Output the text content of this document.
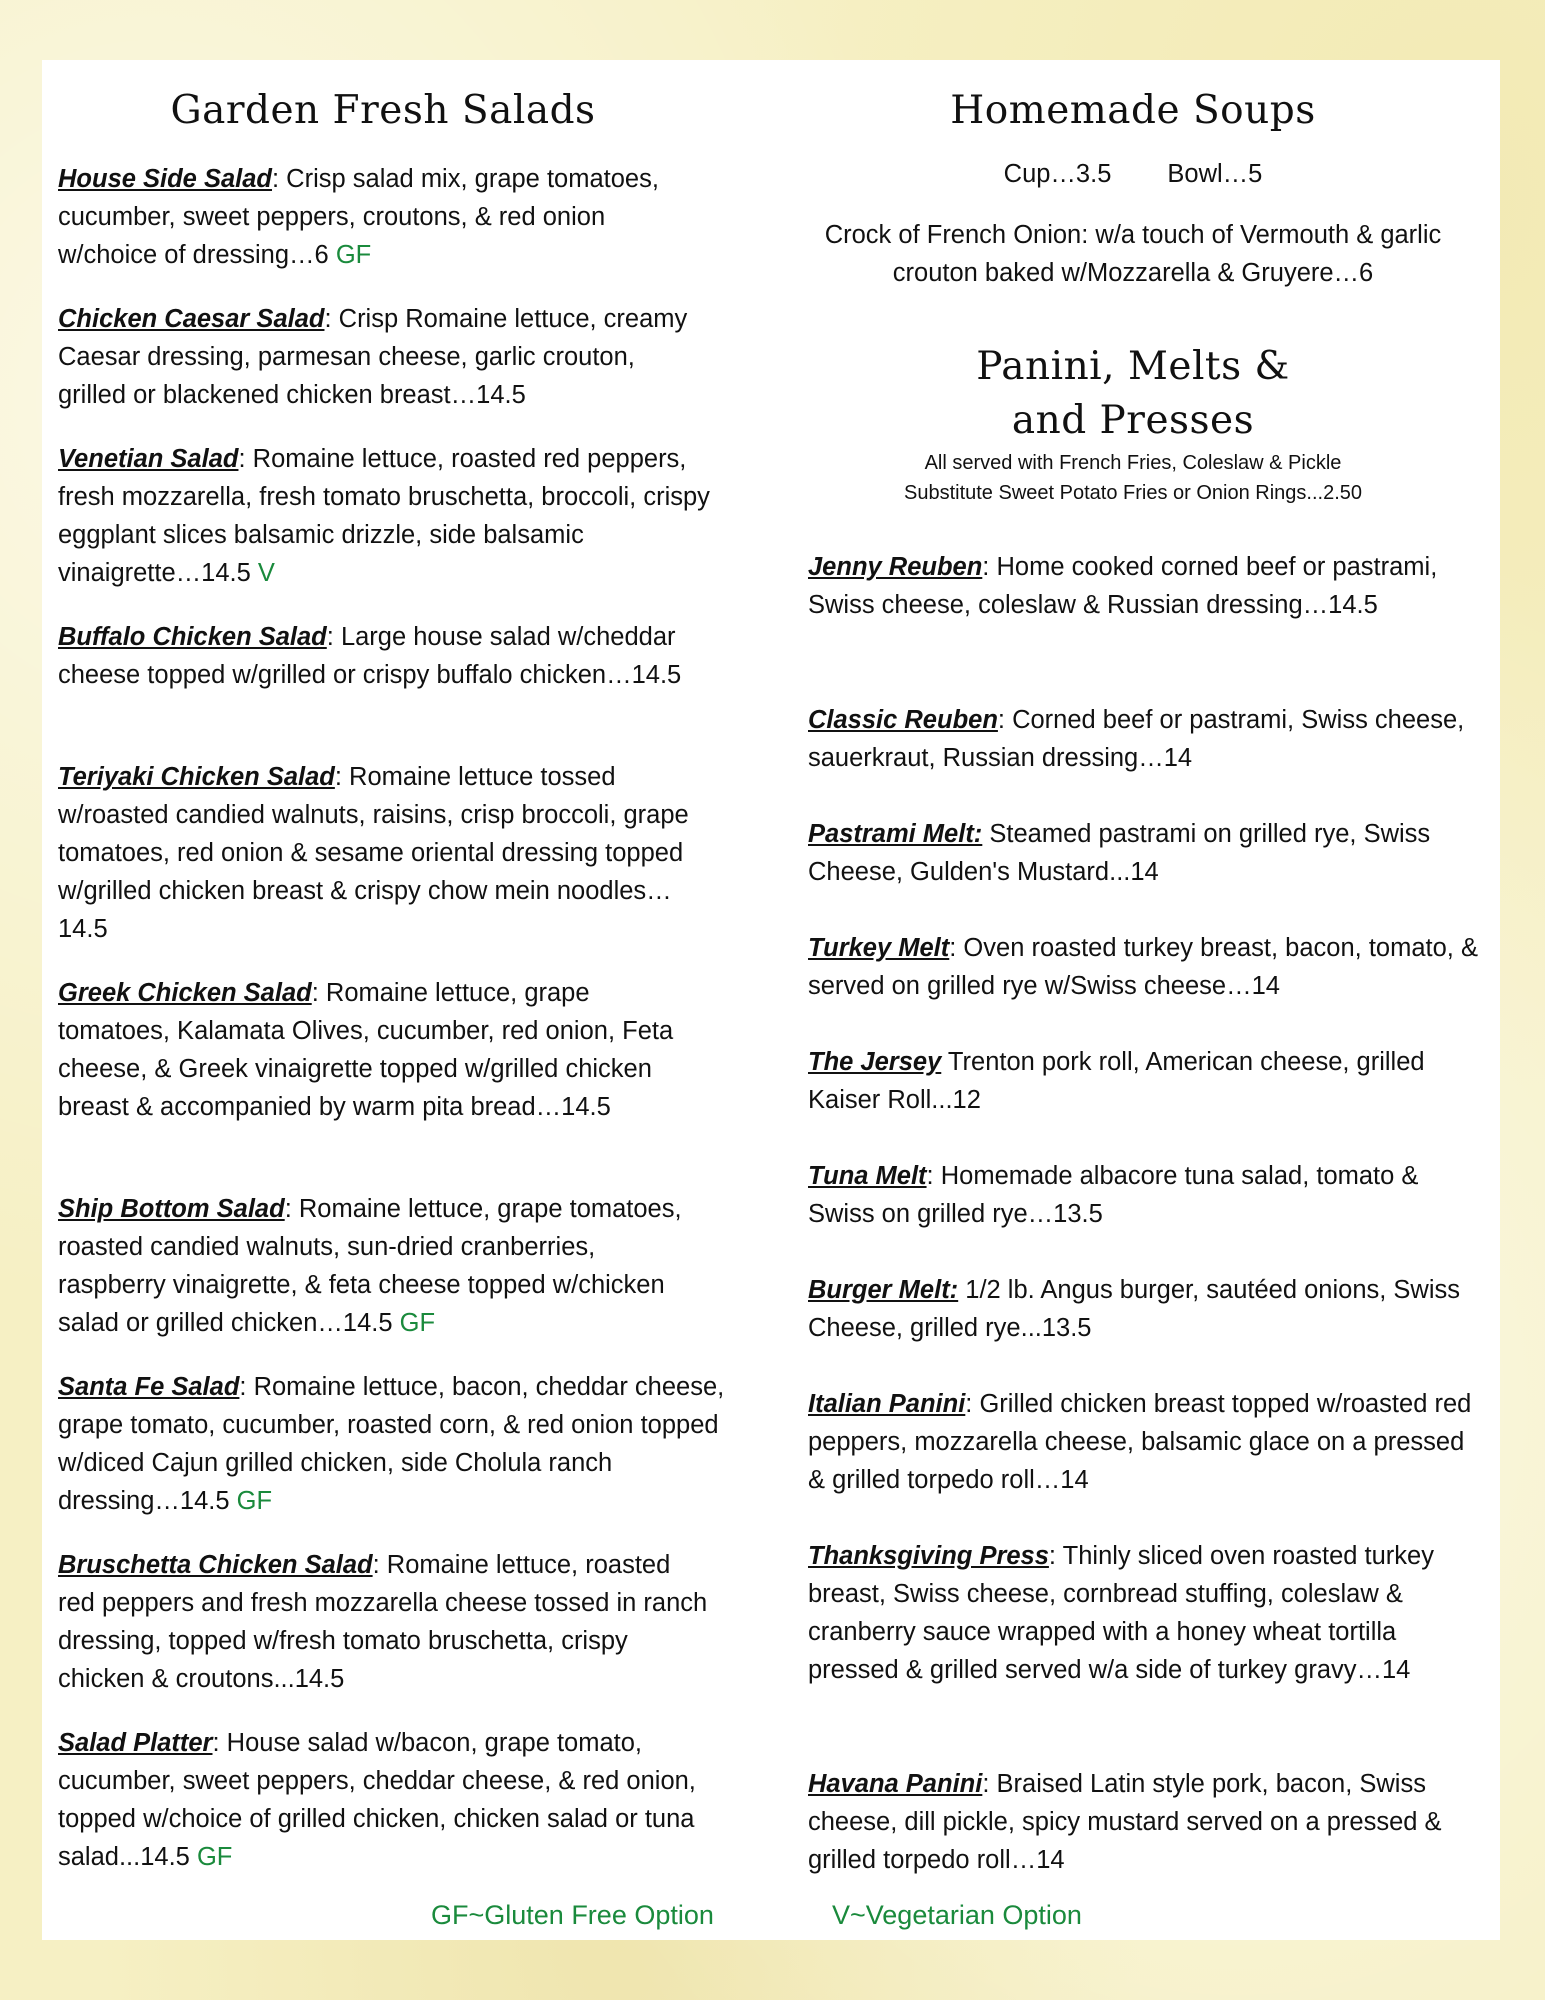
Garden Fresh Salads
House Side Salad: Crisp salad mix, grape tomatoes, cucumber, sweet peppers, croutons, & red onion w/choice of dressing…6 GF
Chicken Caesar Salad: Crisp Romaine lettuce, creamy Caesar dressing, parmesan cheese, garlic crouton, grilled or blackened chicken breast…14.5
Venetian Salad: Romaine lettuce, roasted red peppers, fresh mozzarella, fresh tomato bruschetta, broccoli, crispy eggplant slices balsamic drizzle, side balsamic vinaigrette…14.5 V
Buffalo Chicken Salad: Large house salad w/cheddar cheese topped w/grilled or crispy buffalo chicken…14.5
Teriyaki Chicken Salad: Romaine lettuce tossed w/roasted candied walnuts, raisins, crisp broccoli, grape tomatoes, red onion & sesame oriental dressing topped w/grilled chicken breast & crispy chow mein noodles…14.5
Greek Chicken Salad: Romaine lettuce, grape tomatoes, Kalamata Olives, cucumber, red onion, Feta cheese, & Greek vinaigrette topped w/grilled chicken breast & accompanied by warm pita bread…14.5
Ship Bottom Salad: Romaine lettuce, grape tomatoes, roasted candied walnuts, sun-dried cranberries, raspberry vinaigrette, & feta cheese topped w/chicken salad or grilled chicken…14.5 GF
Santa Fe Salad: Romaine lettuce, bacon, cheddar cheese, grape tomato, cucumber, roasted corn, & red onion topped w/diced Cajun grilled chicken, side Cholula ranch dressing…14.5 GF
Bruschetta Chicken Salad: Romaine lettuce, roasted red peppers and fresh mozzarella cheese tossed in ranch dressing, topped w/fresh tomato bruschetta, crispy chicken & croutons...14.5
Salad Platter: House salad w/bacon, grape tomato, cucumber, sweet peppers, cheddar cheese, & red onion, topped w/choice of grilled chicken, chicken salad or tuna salad...14.5 GF
Homemade Soups
Cup…3.5 Bowl…5
Crock of French Onion: w/a touch of Vermouth & garlic crouton baked w/Mozzarella & Gruyere…6
Panini, Melts &
and Presses
All served with French Fries, Coleslaw & Pickle
Substitute Sweet Potato Fries or Onion Rings...2.50
Jenny Reuben: Home cooked corned beef or pastrami, Swiss cheese, coleslaw & Russian dressing…14.5
Classic Reuben: Corned beef or pastrami, Swiss cheese, sauerkraut, Russian dressing…14
Pastrami Melt: Steamed pastrami on grilled rye, Swiss Cheese, Gulden's Mustard...14
Turkey Melt: Oven roasted turkey breast, bacon, tomato, & served on grilled rye w/Swiss cheese…14
The Jersey Trenton pork roll, American cheese, grilled Kaiser Roll...12
Tuna Melt: Homemade albacore tuna salad, tomato & Swiss on grilled rye…13.5
Burger Melt: 1/2 lb. Angus burger, sautéed onions, Swiss Cheese, grilled rye...13.5
Italian Panini: Grilled chicken breast topped w/roasted red peppers, mozzarella cheese, balsamic glace on a pressed & grilled torpedo roll…14
Thanksgiving Press: Thinly sliced oven roasted turkey breast, Swiss cheese, cornbread stuffing, coleslaw & cranberry sauce wrapped with a honey wheat tortilla pressed & grilled served w/a side of turkey gravy…14
Havana Panini: Braised Latin style pork, bacon, Swiss cheese, dill pickle, spicy mustard served on a pressed & grilled torpedo roll…14
GF~Gluten Free Option	V~Vegetarian Option
